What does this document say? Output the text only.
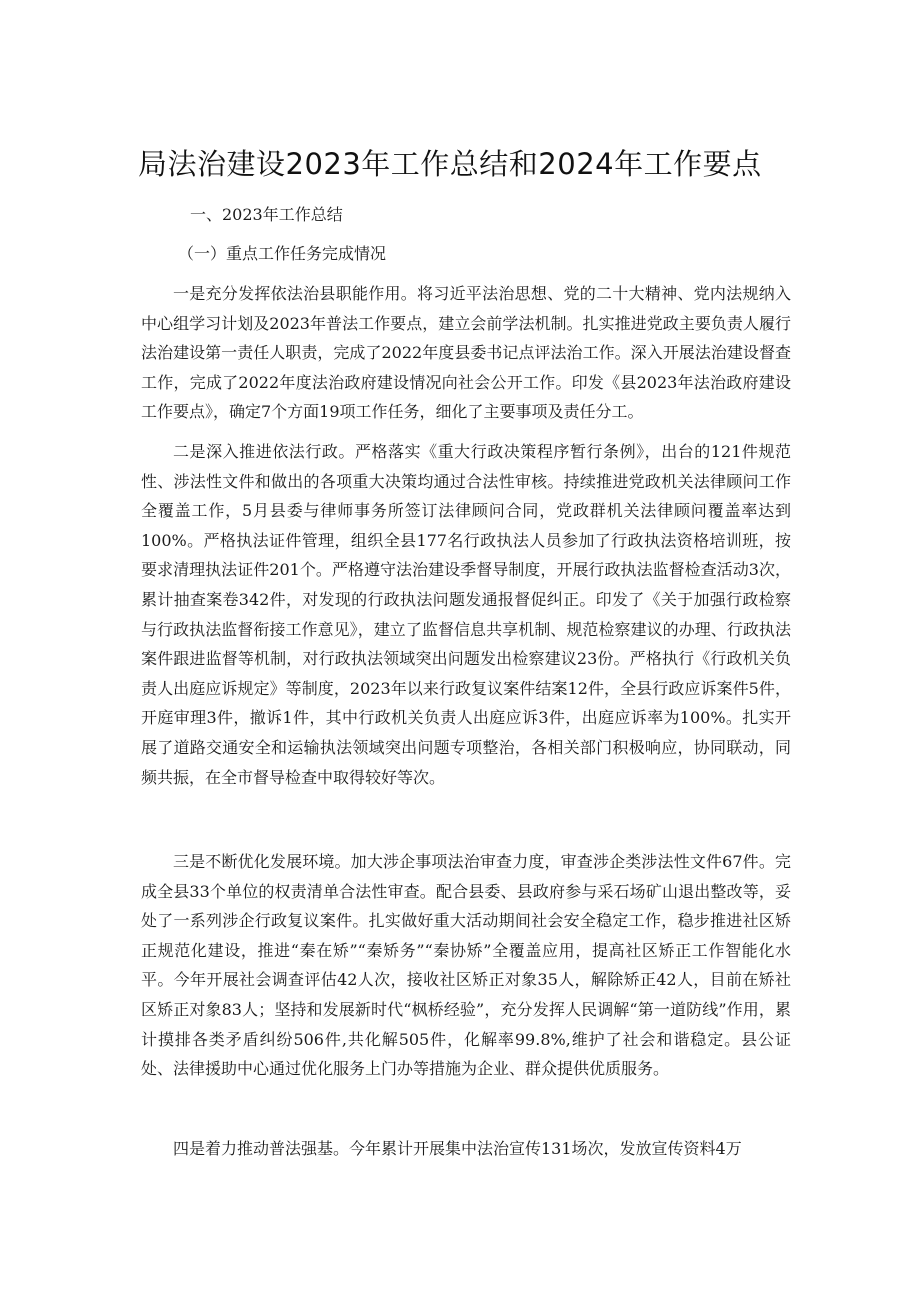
局法治建设2023年工作总结和2024年工作要点

一、2023年工作总结

（一）重点工作任务完成情况

一是充分发挥依法治县职能作用。将习近平法治思想、党的二十大精神、党内法规纳入中心组学习计划及2023年普法工作要点，建立会前学法机制。扎实推进党政主要负责人履行法治建设第一责任人职责，完成了2022年度县委书记点评法治工作。深入开展法治建设督查工作，完成了2022年度法治政府建设情况向社会公开工作。印发《县2023年法治政府建设工作要点》，确定7个方面19项工作任务，细化了主要事项及责任分工。

二是深入推进依法行政。严格落实《重大行政决策程序暂行条例》，出台的121件规范性、涉法性文件和做出的各项重大决策均通过合法性审核。持续推进党政机关法律顾问工作全覆盖工作，5月县委与律师事务所签订法律顾问合同，党政群机关法律顾问覆盖率达到100%。严格执法证件管理，组织全县177名行政执法人员参加了行政执法资格培训班，按要求清理执法证件201个。严格遵守法治建设季督导制度，开展行政执法监督检查活动3次，累计抽查案卷342件，对发现的行政执法问题发通报督促纠正。印发了《关于加强行政检察与行政执法监督衔接工作意见》，建立了监督信息共享机制、规范检察建议的办理、行政执法案件跟进监督等机制，对行政执法领域突出问题发出检察建议23份。严格执行《行政机关负责人出庭应诉规定》等制度，2023年以来行政复议案件结案12件，全县行政应诉案件5件，开庭审理3件，撤诉1件，其中行政机关负责人出庭应诉3件，出庭应诉率为100%。扎实开展了道路交通安全和运输执法领域突出问题专项整治，各相关部门积极响应，协同联动，同频共振，在全市督导检查中取得较好等次。

三是不断优化发展环境。加大涉企事项法治审查力度，审查涉企类涉法性文件67件。完成全县33个单位的权责清单合法性审查。配合县委、县政府参与采石场矿山退出整改等，妥处了一系列涉企行政复议案件。扎实做好重大活动期间社会安全稳定工作，稳步推进社区矫正规范化建设，推进“秦在矫”“秦矫务”“秦协矫”全覆盖应用，提高社区矫正工作智能化水平。今年开展社会调查评估42人次，接收社区矫正对象35人，解除矫正42人，目前在矫社区矫正对象83人；坚持和发展新时代“枫桥经验”，充分发挥人民调解“第一道防线”作用，累计摸排各类矛盾纠纷506件,共化解505件，化解率99.8%,维护了社会和谐稳定。县公证处、法律援助中心通过优化服务上门办等措施为企业、群众提供优质服务。

四是着力推动普法强基。今年累计开展集中法治宣传131场次，发放宣传资料4万
